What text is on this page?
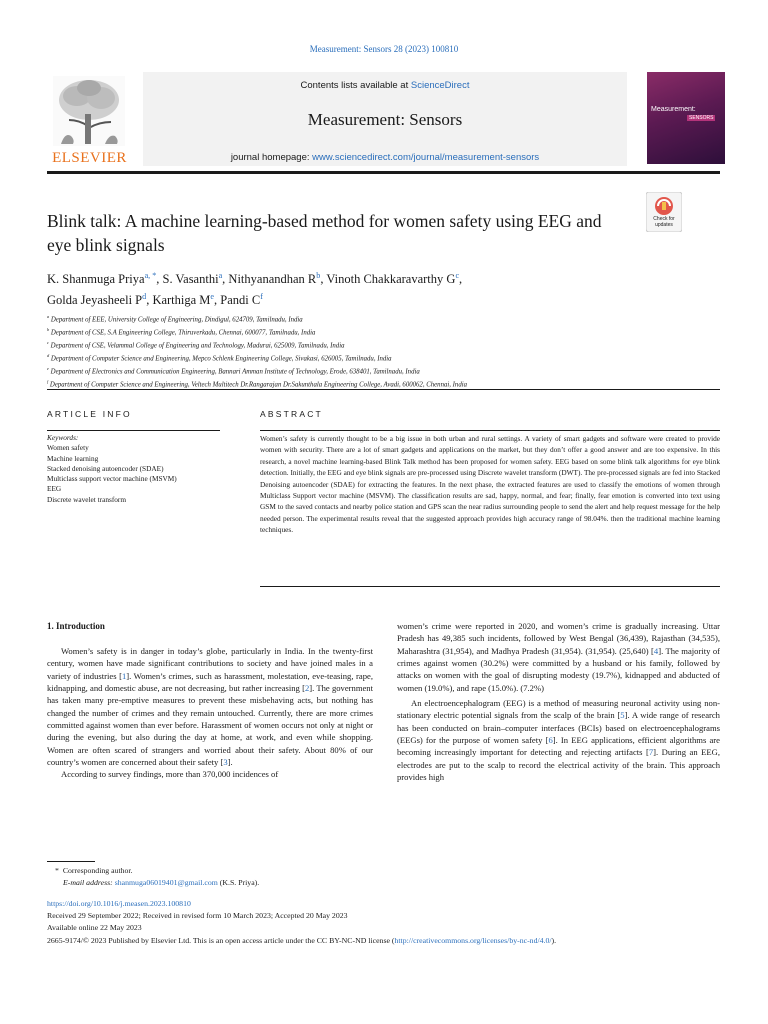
Measurement: Sensors 28 (2023) 100810
ELSEVIER
Contents lists available at ScienceDirect
Measurement: Sensors
journal homepage: www.sciencedirect.com/journal/measurement-sensors
Measurement:
SENSORS
Blink talk: A machine learning-based method for women safety using EEG and eye blink signals
Check for updates
K. Shanmuga Priya$^{a, *}$, S. Vasanthi$^a$, Nithyanandhan $R^b$, Vinoth Chakkaravarthy $G^c$,
Golda Jeyasheeli $P^d$, Karthiga Me, Pandi $C^f$
$^a$ Department of EEE, University College of Engineering, Dindigul, 624709, Tamilnadu, India
$^b$ Department of CSE, S.A Engineering College, Thiruverkadu, Chennai, 600077, Tamilnadu, India
$^c$ Department of CSE, Velammal College of Engineering and Technology, Madurai, 625009, Tamilnadu, India
$^d$ Department of Computer Science and Engineering, Mepco Schlenk Engineering College, Sivakasi, 626005, Tamilnadu, India
$^e$ Department of Electronics and Communication Engineering, Bannari Amman Institute of Technology, Erode, 638401, Tamilnadu, India
$^f$ Department of Computer Science and Engineering, Veltech Multitech Dr.Rangarajan Dr.Sakunthala Engineering College, Avadi, 600062, Chennai, India
ARTICLE INFO	ABSTRACT
Keywords:
Women safety
Machine learning
Stacked denoising autoencoder (SDAE)
Multiclass support vector machine (MSVM)
EEG
Discrete wavelet transform
Women’s safety is currently thought to be a big issue in both urban and rural settings. A variety of smart gadgets and software were created to provide women with security. There are a lot of smart gadgets and applications on the market, but they don’t offer a good answer and are too expensive. In this research, a novel machine learning-based Blink Talk method has been proposed for women safety. EEG based on some blink talk algorithms for eye blink detection. Initially, the EEG and eye blink signals are pre-processed using Discrete wavelet transform (DWT). The pre-processed signals are fed into Stacked Denoising autoencoder (SDAE) for extracting the features. In the next phase, the extracted features are used to classify the emotions of women through Multiclass Support vector machine (MSVM). The classification results are sad, happy, normal, and fear; finally, fear emotion is converted into text using GSM to the saved contacts and nearby police station and GPS scan the near radius surrounding people to send the alert and help request message for the help needed person. The experimental results reveal that the suggested approach provides high accuracy range of 98.04%. then the traditional machine learning techniques.
1. Introduction

Women’s safety is in danger in today’s globe, particularly in India. In the twenty-first century, women have made significant contributions to society and have joined males in a variety of industries [1]. Women’s crimes, such as harassment, molestation, eve-teasing, rape, kidnapping, and domestic abuse, are not decreasing, but rather increasing [2]. The government has taken many pre-emptive measures to prevent these misbehaving acts, but nothing has changed the number of crimes and they remain untouched. Currently, there are more crimes committed against women than ever before. Harassment of women occurs not only at night or during the evening, but also during the day at home, at work, and even while shopping. Women are often scared of strangers and worried about their safety. About 80% of our country’s women are concerned about their safety [3].

According to survey findings, more than 370,000 incidences of

women’s crime were reported in 2020, and women’s crime is gradually increasing. Uttar Pradesh has 49,385 such incidents, followed by West Bengal (36,439), Rajasthan (34,535), Maharashtra (31,954), and Madhya Pradesh (31,954). (31,954). (25,640) [4]. The majority of crimes against women (30.2%) were committed by a husband or his family, followed by attacks on women with the goal of disrupting modesty (19.7%), kidnapped and abducted of women (19.0%), and rape (15.0%). (7.2%)

An electroencephalogram (EEG) is a method of measuring neuronal activity using non-stationary electric potential signals from the scalp of the brain [5]. A wide range of research has been conducted on brain–computer interfaces (BCIs) based on electroencephalograms (EEGs) for the purpose of women safety [6]. In EEG applications, efficient algorithms are becoming increasingly important for detecting and rejecting artifacts [7]. During an EEG, electrodes are put to the scalp to record the electrical activity of the brain. This approach provides high

* Corresponding author.
E-mail address: shanmuga06019401@gmail.com (K.S. Priya).
https://doi.org/10.1016/j.measen.2023.100810
Received 29 September 2022; Received in revised form 10 March 2023; Accepted 20 May 2023
Available online 22 May 2023
2665-9174/© 2023 Published by Elsevier Ltd. This is an open access article under the CC BY-NC-ND license (http://creativecommons.org/licenses/by-nc-nd/4.0/).
